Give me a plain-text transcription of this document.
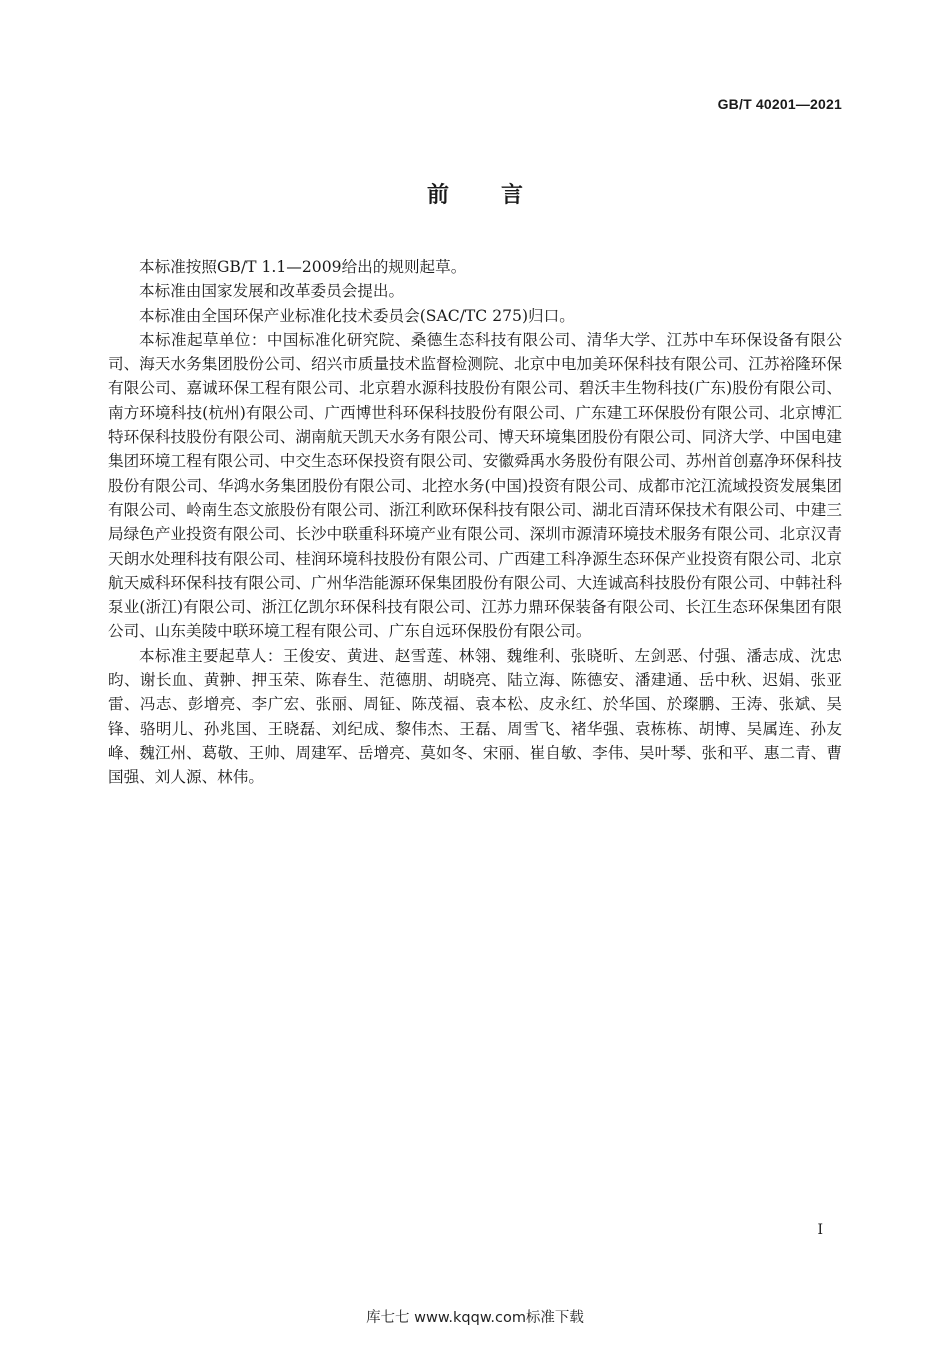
GB/T 40201—2021
前言

本标准按照GB/T 1.1—2009给出的规则起草。

本标准由国家发展和改革委员会提出。

本标准由全国环保产业标准化技术委员会(SAC/TC 275)归口。

本标准起草单位：中国标准化研究院、桑德生态科技有限公司、清华大学、江苏中车环保设备有限公司、海天水务集团股份公司、绍兴市质量技术监督检测院、北京中电加美环保科技有限公司、江苏裕隆环保有限公司、嘉诚环保工程有限公司、北京碧水源科技股份有限公司、碧沃丰生物科技(广东)股份有限公司、南方环境科技(杭州)有限公司、广西博世科环保科技股份有限公司、广东建工环保股份有限公司、北京博汇特环保科技股份有限公司、湖南航天凯天水务有限公司、博天环境集团股份有限公司、同济大学、中国电建集团环境工程有限公司、中交生态环保投资有限公司、安徽舜禹水务股份有限公司、苏州首创嘉净环保科技股份有限公司、华鸿水务集团股份有限公司、北控水务(中国)投资有限公司、成都市沱江流域投资发展集团有限公司、岭南生态文旅股份有限公司、浙江利欧环保科技有限公司、湖北百清环保技术有限公司、中建三局绿色产业投资有限公司、长沙中联重科环境产业有限公司、深圳市源清环境技术服务有限公司、北京汉青天朗水处理科技有限公司、桂润环境科技股份有限公司、广西建工科净源生态环保产业投资有限公司、北京航天威科环保科技有限公司、广州华浩能源环保集团股份有限公司、大连诚高科技股份有限公司、中韩社科泵业(浙江)有限公司、浙江亿凯尔环保科技有限公司、江苏力鼎环保装备有限公司、长江生态环保集团有限公司、山东美陵中联环境工程有限公司、广东自远环保股份有限公司。

本标准主要起草人：王俊安、黄进、赵雪莲、林翎、魏维利、张晓昕、左剑恶、付强、潘志成、沈忠昀、谢长血、黄翀、押玉荣、陈春生、范德朋、胡晓亮、陆立海、陈德安、潘建通、岳中秋、迟娟、张亚雷、冯志、彭增亮、李广宏、张丽、周钲、陈茂福、袁本松、皮永红、於华国、於璨鹏、王涛、张斌、吴锋、骆明儿、孙兆国、王晓磊、刘纪成、黎伟杰、王磊、周雪飞、褚华强、袁栋栋、胡博、吴属连、孙友峰、魏江州、葛敬、王帅、周建军、岳增亮、莫如冬、宋丽、崔自敏、李伟、吴叶琴、张和平、惠二青、曹国强、刘人源、林伟。

I
库七七 www.kqqw.com标准下载
